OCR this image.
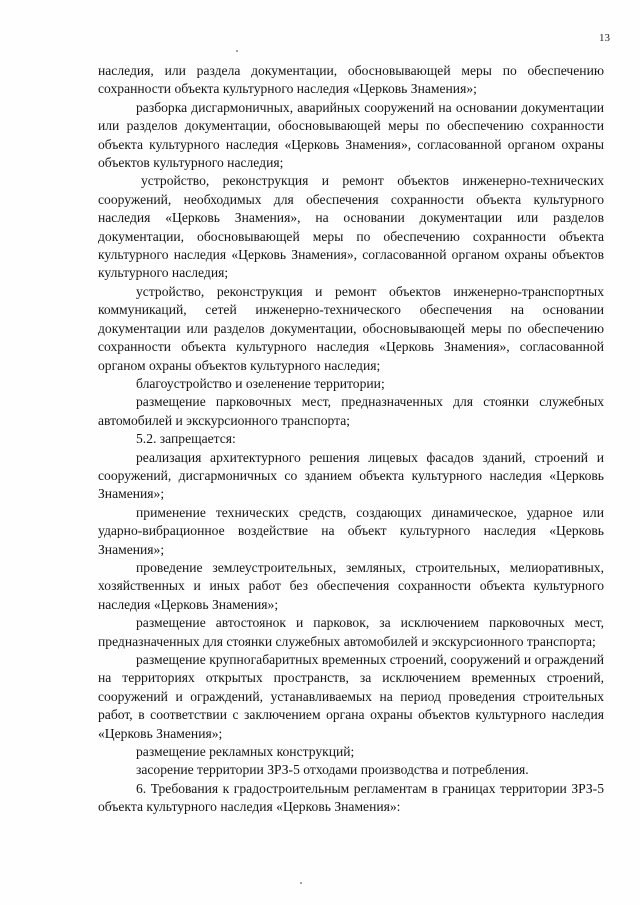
13

наследия, или раздела документации, обосновывающей меры по обеспечению сохранности объекта культурного наследия «Церковь Знамения»;

разборка дисгармоничных, аварийных сооружений на основании документации или разделов документации, обосновывающей меры по обеспечению сохранности объекта культурного наследия «Церковь Знамения», согласованной органом охраны объектов культурного наследия;

устройство, реконструкция и ремонт объектов инженерно-технических сооружений, необходимых для обеспечения сохранности объекта культурного наследия «Церковь Знамения», на основании документации или разделов документации, обосновывающей меры по обеспечению сохранности объекта культурного наследия «Церковь Знамения», согласованной органом охраны объектов культурного наследия;

устройство, реконструкция и ремонт объектов инженерно-транспортных коммуникаций, сетей инженерно-технического обеспечения на основании документации или разделов документации, обосновывающей меры по обеспечению сохранности объекта культурного наследия «Церковь Знамения», согласованной органом охраны объектов культурного наследия;

благоустройство и озеленение территории;

размещение парковочных мест, предназначенных для стоянки служебных автомобилей и экскурсионного транспорта;

5.2. запрещается:

реализация архитектурного решения лицевых фасадов зданий, строений и сооружений, дисгармоничных со зданием объекта культурного наследия «Церковь Знамения»;

применение технических средств, создающих динамическое, ударное или ударно-вибрационное воздействие на объект культурного наследия «Церковь Знамения»;

проведение землеустроительных, земляных, строительных, мелиоративных, хозяйственных и иных работ без обеспечения сохранности объекта культурного наследия «Церковь Знамения»;

размещение автостоянок и парковок, за исключением парковочных мест, предназначенных для стоянки служебных автомобилей и экскурсионного транспорта;

размещение крупногабаритных временных строений, сооружений и ограждений на территориях открытых пространств, за исключением временных строений, сооружений и ограждений, устанавливаемых на период проведения строительных работ, в соответствии с заключением органа охраны объектов культурного наследия «Церковь Знамения»;

размещение рекламных конструкций;

засорение территории ЗРЗ-5 отходами производства и потребления.

6. Требования к градостроительным регламентам в границах территории ЗРЗ-5 объекта культурного наследия «Церковь Знамения»:
